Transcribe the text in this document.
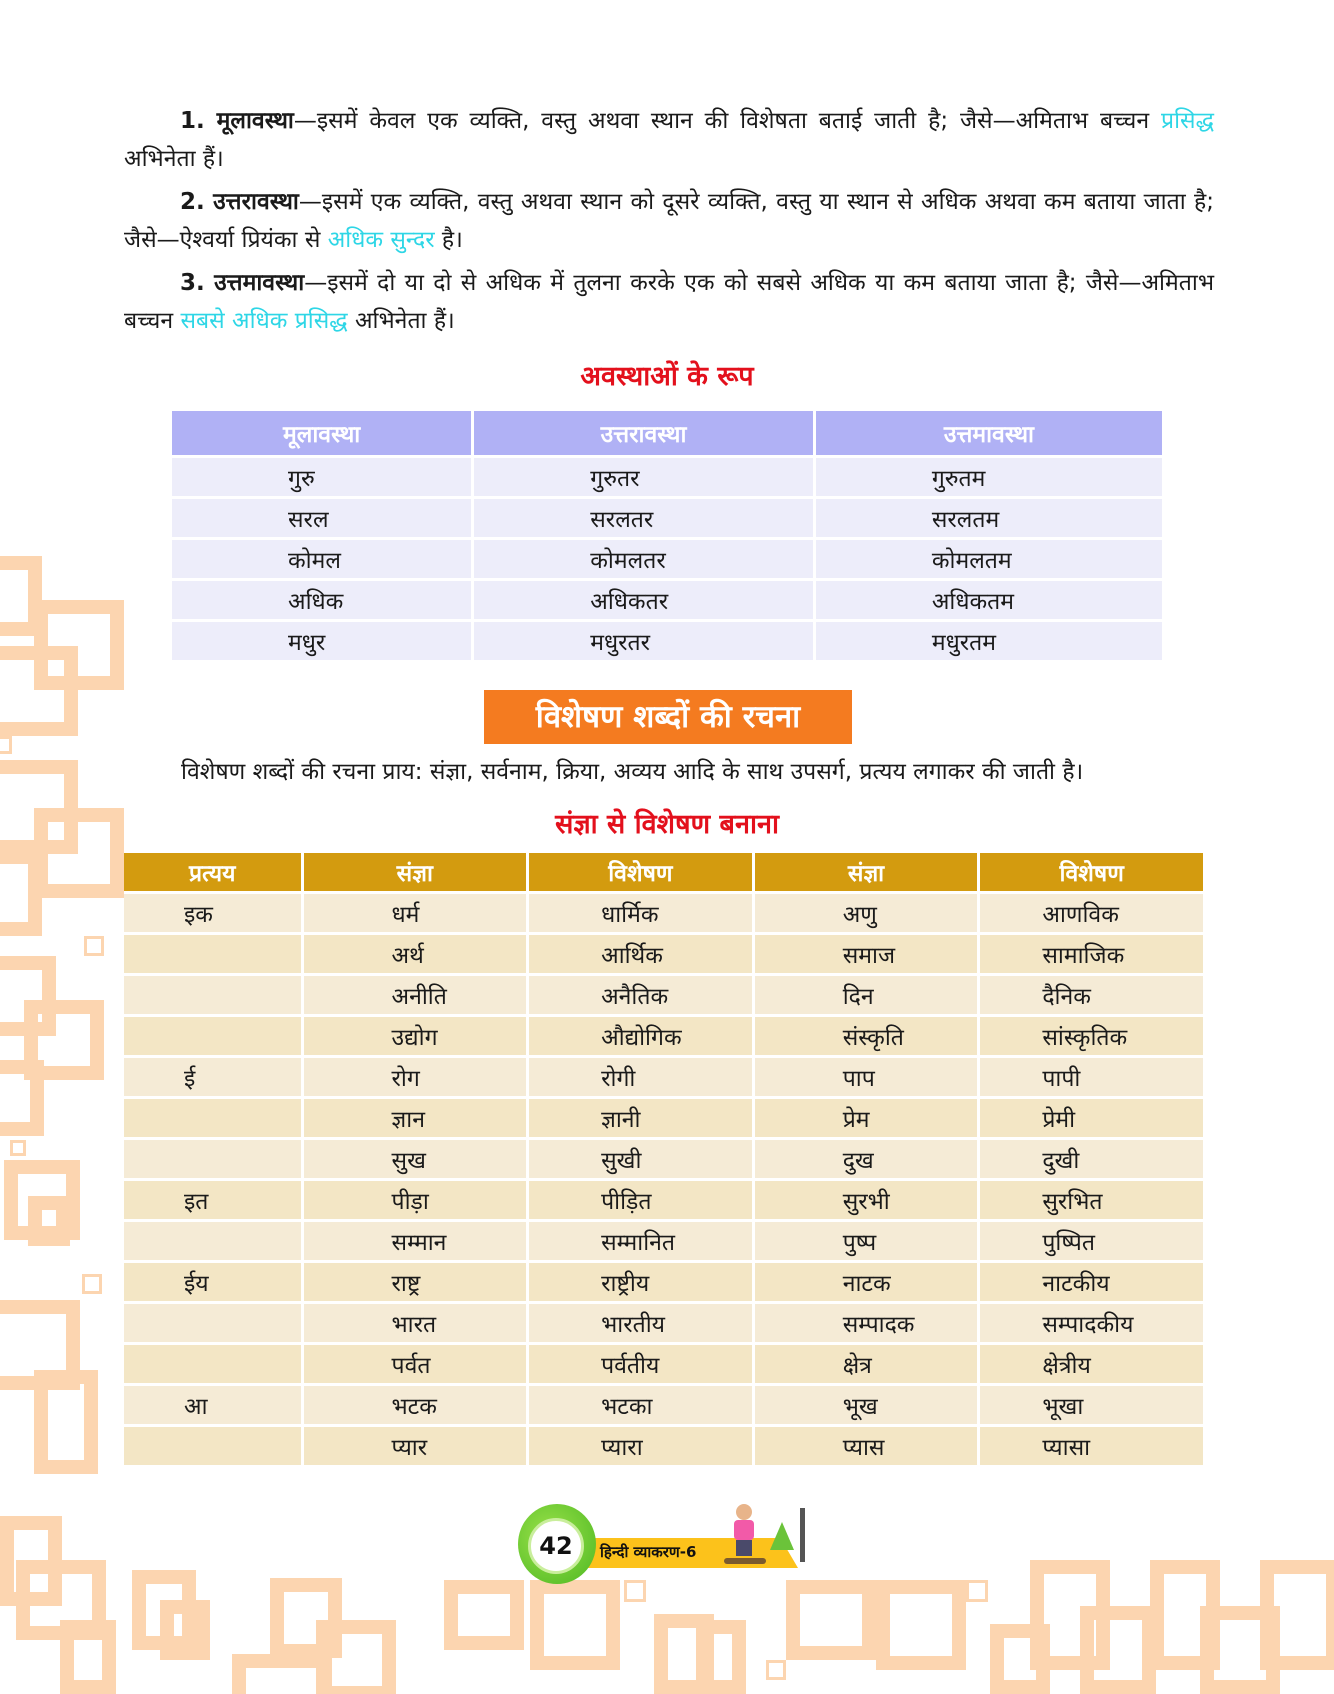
1. मूलावस्था—इसमें केवल एक व्यक्ति, वस्तु अथवा स्थान की विशेषता बताई जाती है; जैसे—अमिताभ बच्चन प्रसिद्ध अभिनेता हैं।

2. उत्तरावस्था—इसमें एक व्यक्ति, वस्तु अथवा स्थान को दूसरे व्यक्ति, वस्तु या स्थान से अधिक अथवा कम बताया जाता है; जैसे—ऐश्वर्या प्रियंका से अधिक सुन्दर है।

3. उत्तमावस्था—इसमें दो या दो से अधिक में तुलना करके एक को सबसे अधिक या कम बताया जाता है; जैसे—अमिताभ बच्चन सबसे अधिक प्रसिद्ध अभिनेता हैं।

अवस्थाओं के रूप
मूलावस्था	उत्तरावस्था	उत्तमावस्था
गुरु	गुरुतर	गुरुतम
सरल	सरलतर	सरलतम
कोमल	कोमलतर	कोमलतम
अधिक	अधिकतर	अधिकतम
मधुर	मधुरतर	मधुरतम
विशेषण शब्दों की रचना

विशेषण शब्दों की रचना प्राय: संज्ञा, सर्वनाम, क्रिया, अव्यय आदि के साथ उपसर्ग, प्रत्यय लगाकर की जाती है।

संज्ञा से विशेषण बनाना
प्रत्यय	संज्ञा	विशेषण	संज्ञा	विशेषण
इक	धर्म	धार्मिक	अणु	आणविक
	अर्थ	आर्थिक	समाज	सामाजिक
	अनीति	अनैतिक	दिन	दैनिक
	उद्योग	औद्योगिक	संस्कृति	सांस्कृतिक
ई	रोग	रोगी	पाप	पापी
	ज्ञान	ज्ञानी	प्रेम	प्रेमी
	सुख	सुखी	दुख	दुखी
इत	पीड़ा	पीड़ित	सुरभी	सुरभित
	सम्मान	सम्मानित	पुष्प	पुष्पित
ईय	राष्ट्र	राष्ट्रीय	नाटक	नाटकीय
	भारत	भारतीय	सम्पादक	सम्पादकीय
	पर्वत	पर्वतीय	क्षेत्र	क्षेत्रीय
आ	भटक	भटका	भूख	भूखा
	प्यार	प्यारा	प्यास	प्यासा
42	हिन्दी व्याकरण-6
